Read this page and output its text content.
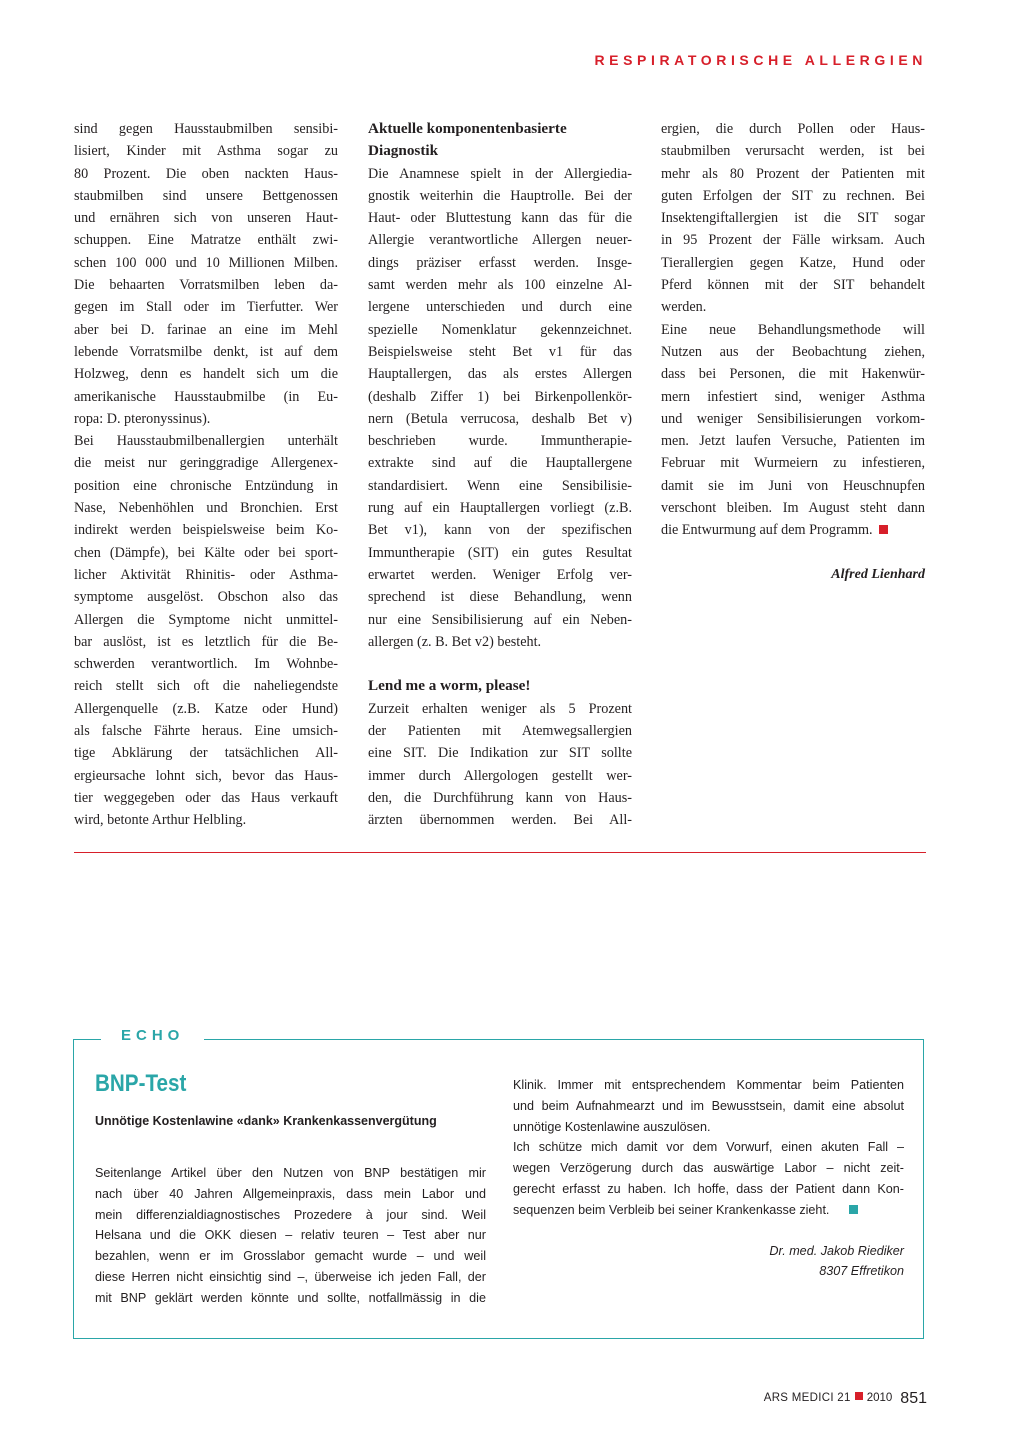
RESPIRATORISCHE ALLERGIEN
sind gegen Hausstaubmilben sensibi-
lisiert, Kinder mit Asthma sogar zu
80 Prozent. Die oben nackten Haus-
staubmilben sind unsere Bettgenossen
und ernähren sich von unseren Haut-
schuppen. Eine Matratze enthält zwi-
schen 100 000 und 10 Millionen Milben.
Die behaarten Vorratsmilben leben da-
gegen im Stall oder im Tierfutter. Wer
aber bei D. farinae an eine im Mehl
lebende Vorratsmilbe denkt, ist auf dem
Holzweg, denn es handelt sich um die
amerikanische Hausstaubmilbe (in Eu-
ropa: D. pteronyssinus).
Bei Hausstaubmilbenallergien unterhält
die meist nur geringgradige Allergenex-
position eine chronische Entzündung in
Nase, Nebenhöhlen und Bronchien. Erst
indirekt werden beispielsweise beim Ko-
chen (Dämpfe), bei Kälte oder bei sport-
licher Aktivität Rhinitis- oder Asthma-
symptome ausgelöst. Obschon also das
Allergen die Symptome nicht unmittel-
bar auslöst, ist es letztlich für die Be-
schwerden verantwortlich. Im Wohnbe-
reich stellt sich oft die naheliegendste
Allergenquelle (z.B. Katze oder Hund)
als falsche Fährte heraus. Eine umsich-
tige Abklärung der tatsächlichen All-
ergieursache lohnt sich, bevor das Haus-
tier weggegeben oder das Haus verkauft
wird, betonte Arthur Helbling.
Aktuelle komponentenbasierte
Diagnostik
Die Anamnese spielt in der Allergiedia-
gnostik weiterhin die Hauptrolle. Bei der
Haut- oder Bluttestung kann das für die
Allergie verantwortliche Allergen neuer-
dings präziser erfasst werden. Insge-
samt werden mehr als 100 einzelne Al-
lergene unterschieden und durch eine
spezielle Nomenklatur gekennzeichnet.
Beispielsweise steht Bet v1 für das
Hauptallergen, das als erstes Allergen
(deshalb Ziffer 1) bei Birkenpollenkör-
nern (Betula verrucosa, deshalb Bet v)
beschrieben wurde. Immuntherapie-
extrakte sind auf die Hauptallergene
standardisiert. Wenn eine Sensibilisie-
rung auf ein Hauptallergen vorliegt (z.B.
Bet v1), kann von der spezifischen
Immuntherapie (SIT) ein gutes Resultat
erwartet werden. Weniger Erfolg ver-
sprechend ist diese Behandlung, wenn
nur eine Sensibilisierung auf ein Neben-
allergen (z. B. Bet v2) besteht.
Lend me a worm, please!
Zurzeit erhalten weniger als 5 Prozent
der Patienten mit Atemwegsallergien
eine SIT. Die Indikation zur SIT sollte
immer durch Allergologen gestellt wer-
den, die Durchführung kann von Haus-
ärzten übernommen werden. Bei All-
ergien, die durch Pollen oder Haus-
staubmilben verursacht werden, ist bei
mehr als 80 Prozent der Patienten mit
guten Erfolgen der SIT zu rechnen. Bei
Insektengiftallergien ist die SIT sogar
in 95 Prozent der Fälle wirksam. Auch
Tierallergien gegen Katze, Hund oder
Pferd können mit der SIT behandelt
werden.
Eine neue Behandlungsmethode will
Nutzen aus der Beobachtung ziehen,
dass bei Personen, die mit Hakenwür-
mern infestiert sind, weniger Asthma
und weniger Sensibilisierungen vorkom-
men. Jetzt laufen Versuche, Patienten im
Februar mit Wurmeiern zu infestieren,
damit sie im Juni von Heuschnupfen
verschont bleiben. Im August steht dann
die Entwurmung auf dem Programm.
Alfred Lienhard
ECHO
BNP-Test
Unnötige Kostenlawine «dank» Krankenkassenvergütung
Seitenlange Artikel über den Nutzen von BNP bestätigen mir
nach über 40 Jahren Allgemeinpraxis, dass mein Labor und
mein differenzialdiagnostisches Prozedere à jour sind. Weil
Helsana und die OKK diesen – relativ teuren – Test aber nur
bezahlen, wenn er im Grosslabor gemacht wurde – und weil
diese Herren nicht einsichtig sind –, überweise ich jeden Fall, der
mit BNP geklärt werden könnte und sollte, notfallmässig in die
Klinik. Immer mit entsprechendem Kommentar beim Patienten
und beim Aufnahmearzt und im Bewusstsein, damit eine absolut
unnötige Kostenlawine auszulösen.
Ich schütze mich damit vor dem Vorwurf, einen akuten Fall –
wegen Verzögerung durch das auswärtige Labor – nicht zeit-
gerecht erfasst zu haben. Ich hoffe, dass der Patient dann Kon-
sequenzen beim Verbleib bei seiner Krankenkasse zieht.
Dr. med. Jakob Riediker
8307 Effretikon
ARS MEDICI 21 2010 851
